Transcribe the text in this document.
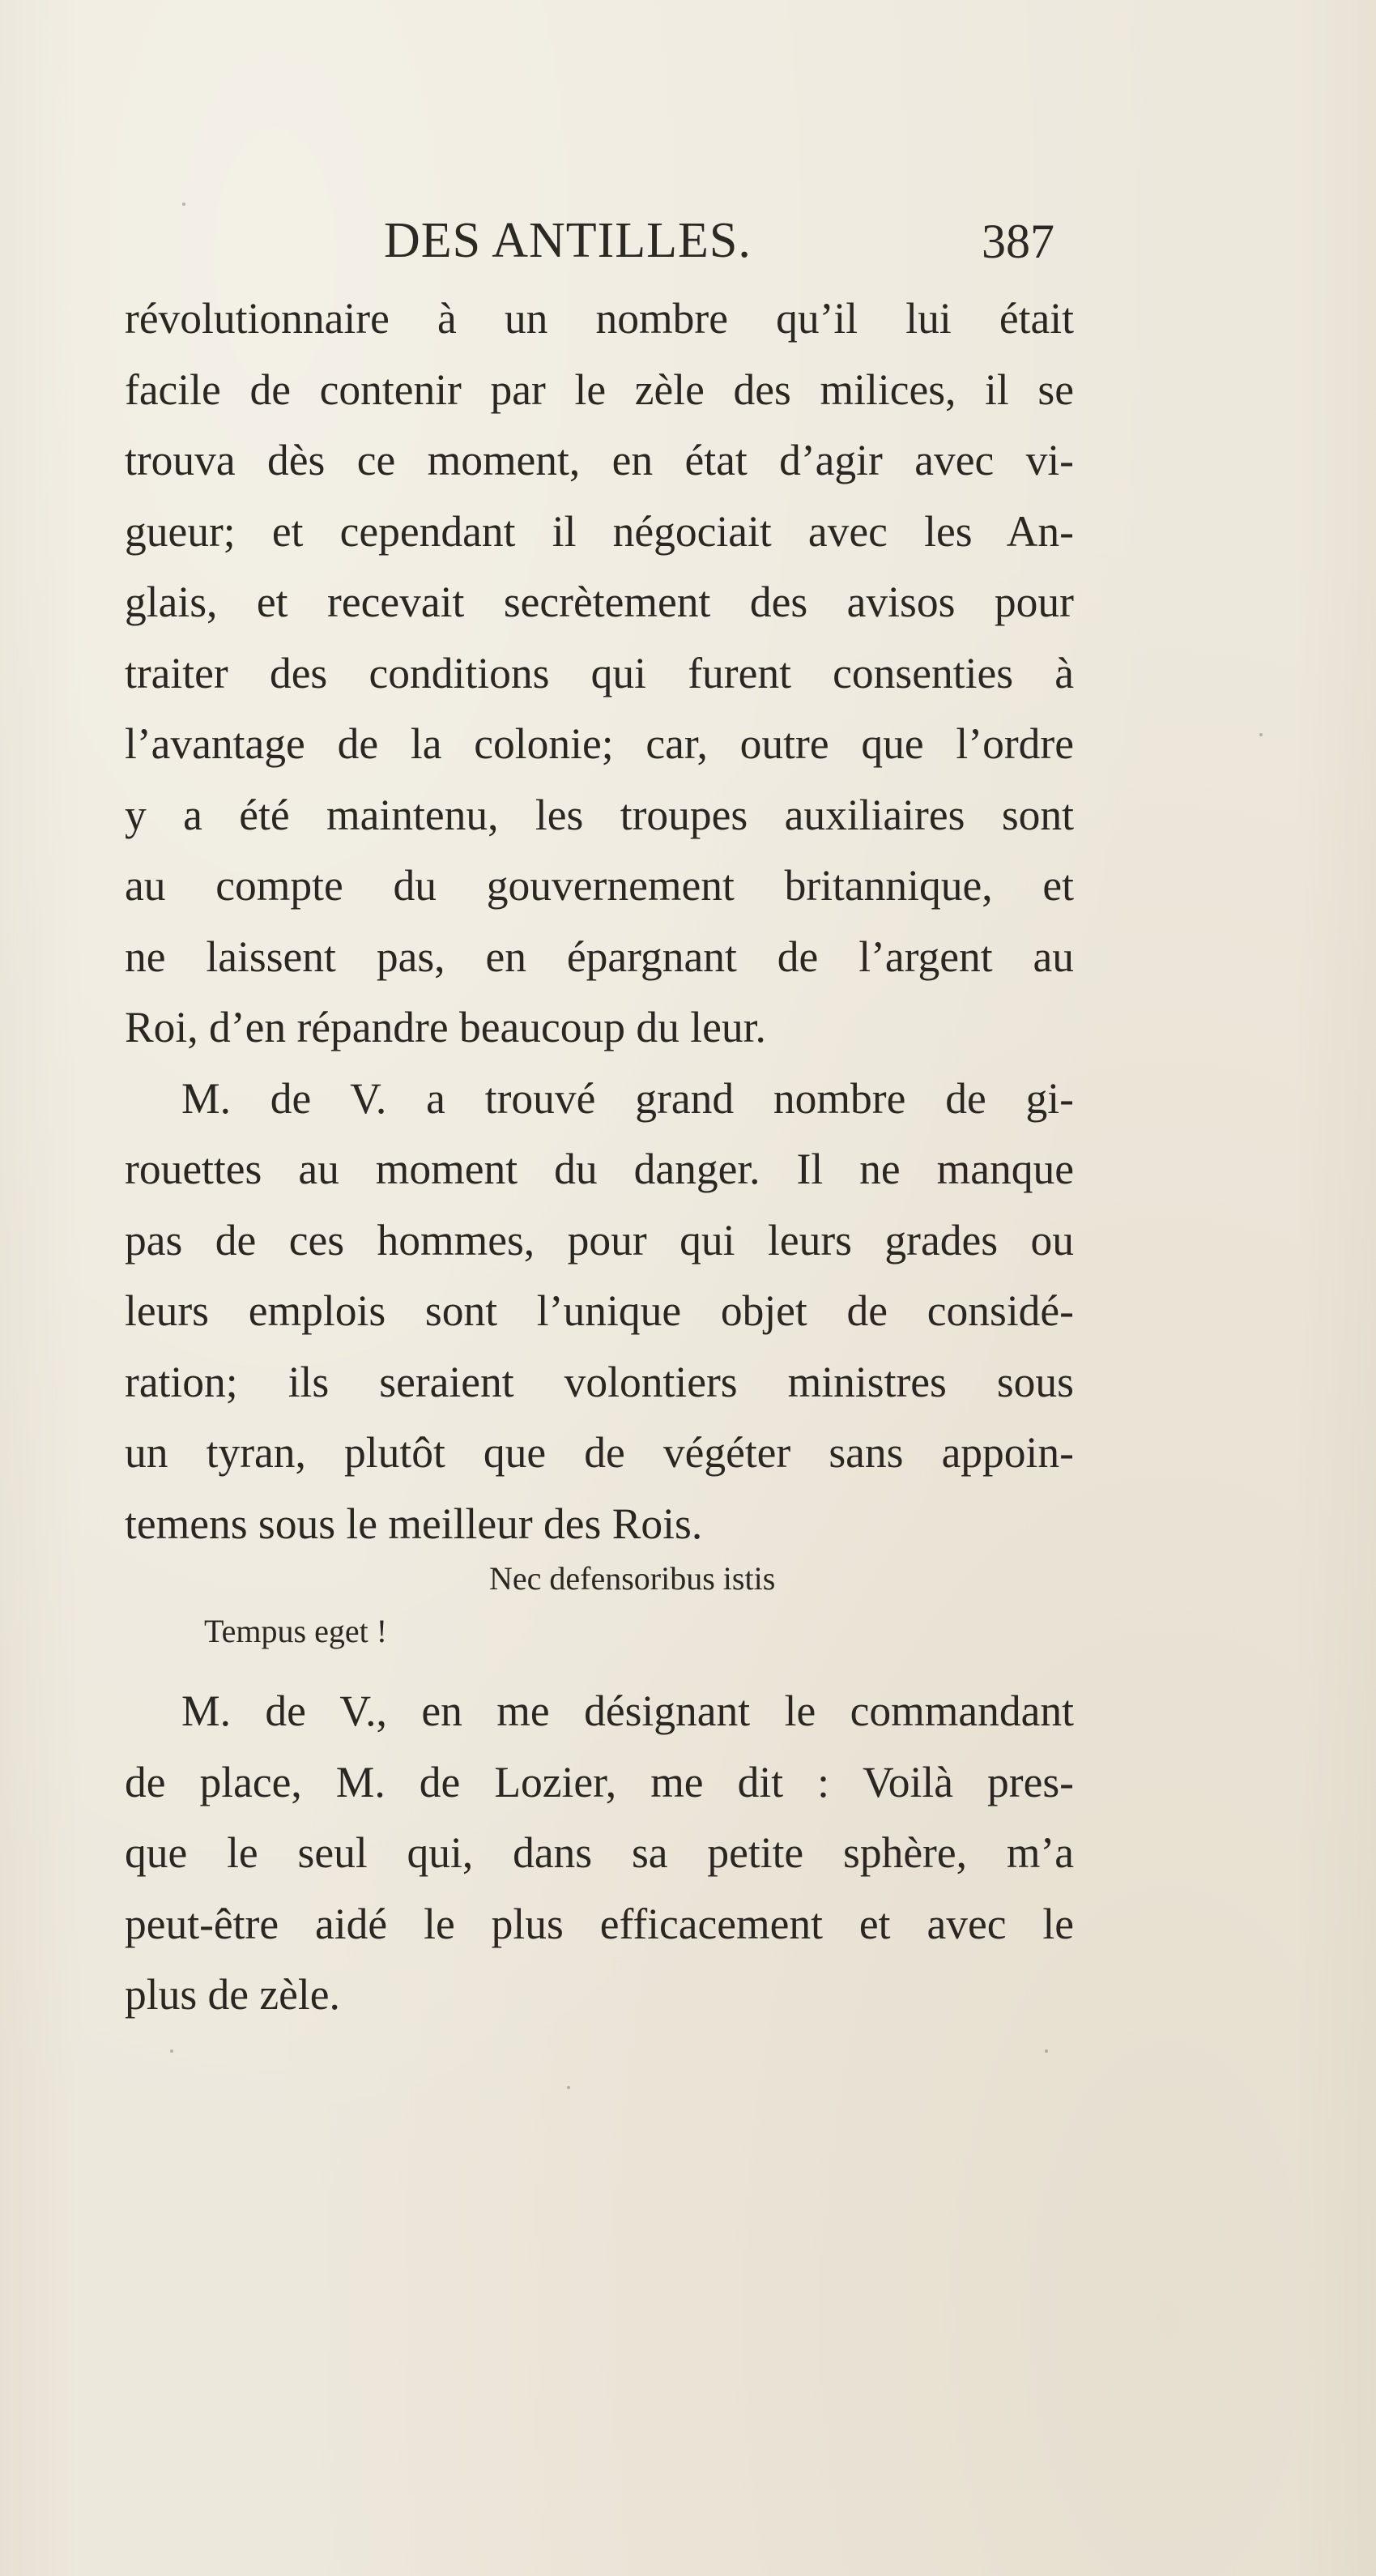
DES ANTILLES.	387
révolutionnaire à un nombre qu’il lui était
facile de contenir par le zèle des milices, il se
trouva dès ce moment, en état d’agir avec vi-
gueur; et cependant il négociait avec les An-
glais, et recevait secrètement des avisos pour
traiter des conditions qui furent consenties à
l’avantage de la colonie; car, outre que l’ordre
y a été maintenu, les troupes auxiliaires sont
au compte du gouvernement britannique, et
ne laissent pas, en épargnant de l’argent au
Roi, d’en répandre beaucoup du leur.
M. de V. a trouvé grand nombre de gi-
rouettes au moment du danger. Il ne manque
pas de ces hommes, pour qui leurs grades ou
leurs emplois sont l’unique objet de considé-
ration; ils seraient volontiers ministres sous
un tyran, plutôt que de végéter sans appoin-
temens sous le meilleur des Rois.
Nec defensoribus istis
Tempus eget !
M. de V., en me désignant le commandant
de place, M. de Lozier, me dit : Voilà pres-
que le seul qui, dans sa petite sphère, m’a
peut-être aidé le plus efficacement et avec le
plus de zèle.
